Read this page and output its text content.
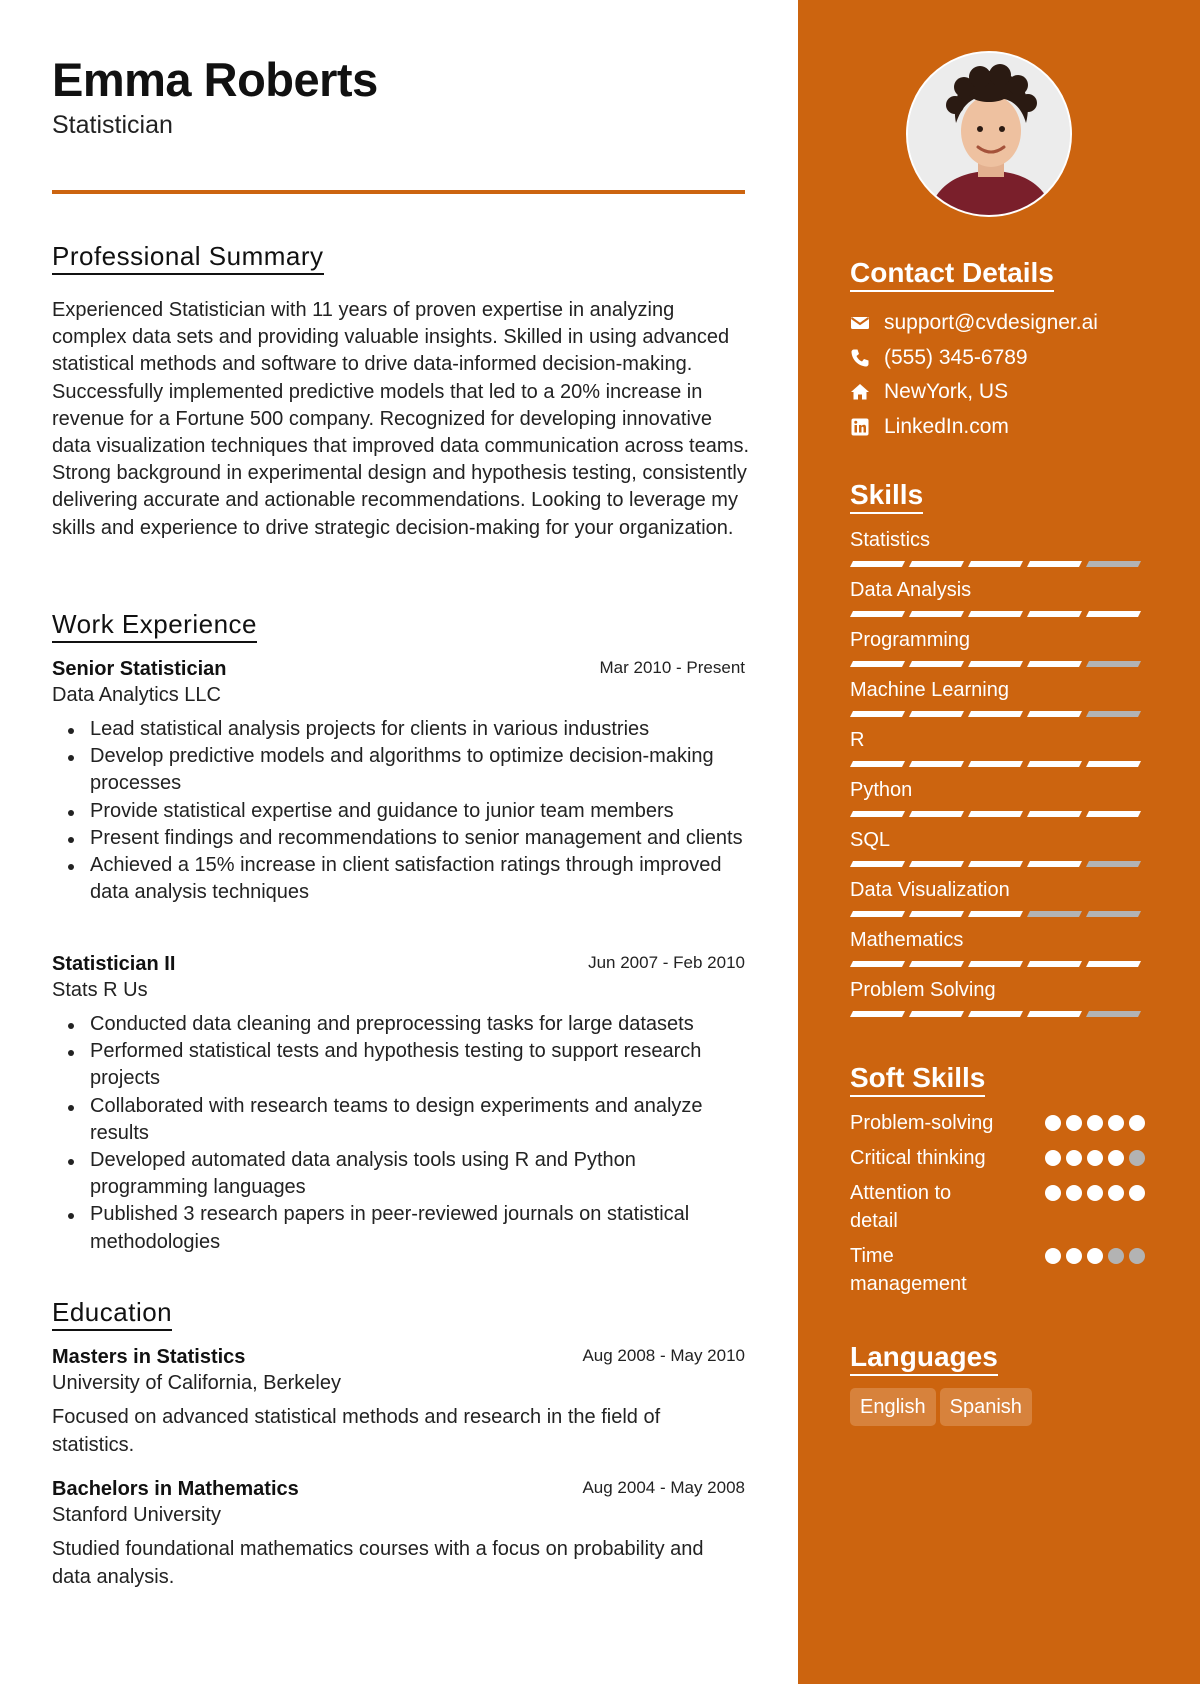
Emma Roberts
Statistician
Professional Summary
Experienced Statistician with 11 years of proven expertise in analyzing complex data sets and providing valuable insights. Skilled in using advanced statistical methods and software to drive data-informed decision-making. Successfully implemented predictive models that led to a 20% increase in revenue for a Fortune 500 company. Recognized for developing innovative data visualization techniques that improved data communication across teams. Strong background in experimental design and hypothesis testing, consistently delivering accurate and actionable recommendations. Looking to leverage my skills and experience to drive strategic decision-making for your organization.
Work Experience
Senior Statistician	Mar 2010 - Present
Data Analytics LLC
Lead statistical analysis projects for clients in various industries
Develop predictive models and algorithms to optimize decision-making processes
Provide statistical expertise and guidance to junior team members
Present findings and recommendations to senior management and clients
Achieved a 15% increase in client satisfaction ratings through improved data analysis techniques
Statistician II	Jun 2007 - Feb 2010
Stats R Us
Conducted data cleaning and preprocessing tasks for large datasets
Performed statistical tests and hypothesis testing to support research projects
Collaborated with research teams to design experiments and analyze results
Developed automated data analysis tools using R and Python programming languages
Published 3 research papers in peer-reviewed journals on statistical methodologies
Education
Masters in Statistics	Aug 2008 - May 2010
University of California, Berkeley
Focused on advanced statistical methods and research in the field of statistics.
Bachelors in Mathematics	Aug 2004 - May 2008
Stanford University
Studied foundational mathematics courses with a focus on probability and data analysis.
Contact Details
support@cvdesigner.ai
(555) 345-6789
NewYork, US
LinkedIn.com
Skills
Statistics
Data Analysis
Programming
Machine Learning
R
Python
SQL
Data Visualization
Mathematics
Problem Solving
Soft Skills
Problem-solving
Critical thinking
Attention to detail
Time management
Languages
English Spanish
